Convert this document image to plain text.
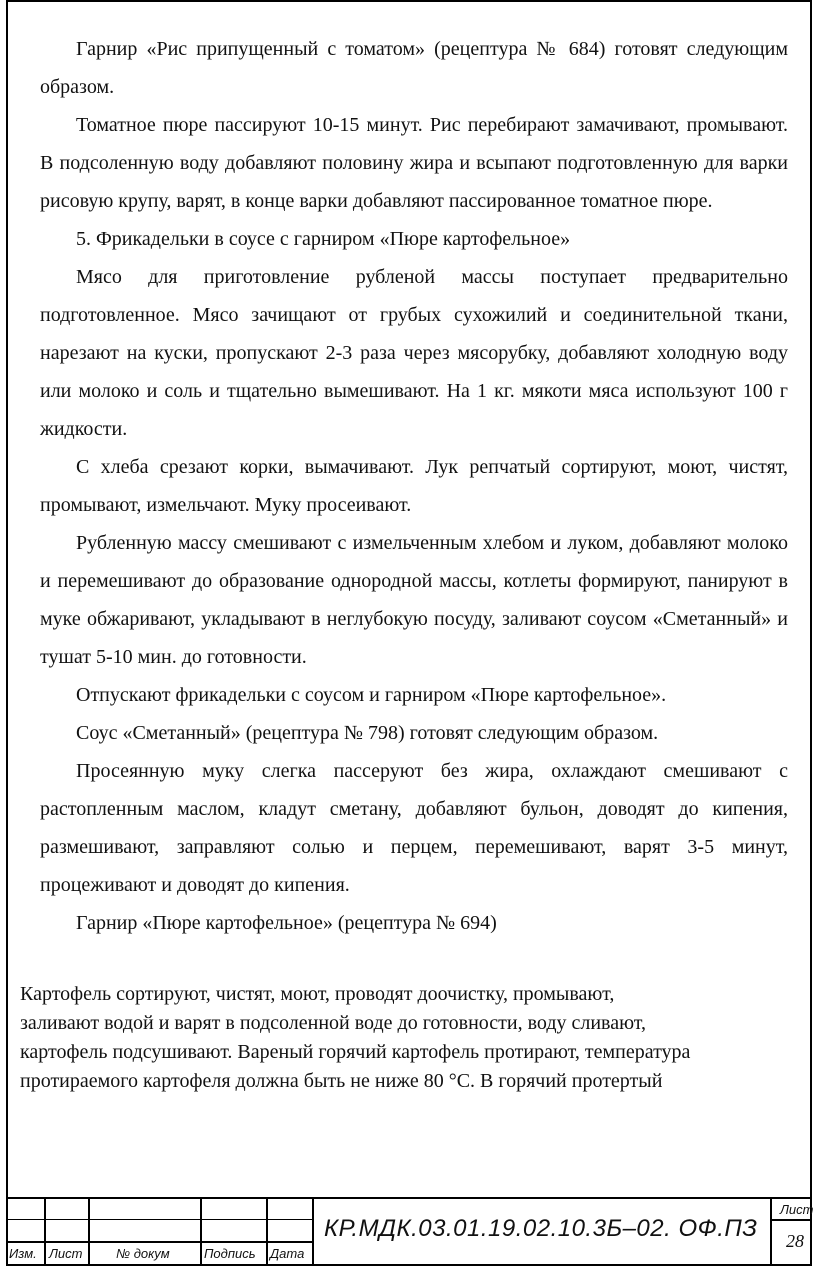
Гарнир «Рис припущенный с томатом» (рецептура № 684) готовят следующим образом.

Томатное пюре пассируют 10-15 минут. Рис перебирают замачивают, промывают. В подсоленную воду добавляют половину жира и всыпают подготовленную для варки рисовую крупу, варят, в конце варки добавляют пассированное томатное пюре.

5. Фрикадельки в соусе с гарниром «Пюре картофельное»

Мясо для приготовление рубленой массы поступает предварительно подготовленное. Мясо зачищают от грубых сухожилий и соединительной ткани, нарезают на куски, пропускают 2-3 раза через мясорубку, добавляют холодную воду или молоко и соль и тщательно вымешивают. На 1 кг. мякоти мяса используют 100 г жидкости.

С хлеба срезают корки, вымачивают. Лук репчатый сортируют, моют, чистят, промывают, измельчают. Муку просеивают.

Рубленную массу смешивают с измельченным хлебом и луком, добавляют молоко и перемешивают до образование однородной массы, котлеты формируют, панируют в муке обжаривают, укладывают в неглубокую посуду, заливают соусом «Сметанный» и тушат 5-10 мин. до готовности.

Отпускают фрикадельки с соусом и гарниром «Пюре картофельное».

Соус «Сметанный» (рецептура № 798) готовят следующим образом.

Просеянную муку слегка пассеруют без жира, охлаждают смешивают с растопленным маслом, кладут сметану, добавляют бульон, доводят до кипения, размешивают, заправляют солью и перцем, перемешивают, варят 3-5 минут, процеживают и доводят до кипения.

Гарнир «Пюре картофельное» (рецептура № 694)

Картофель сортируют, чистят, моют, проводят доочистку, промывают,

заливают водой и варят в подсоленной воде до готовности, воду сливают,

картофель подсушивают. Вареный горячий картофель протирают, температура

протираемого картофеля должна быть не ниже 80 °С. В горячий протертый

Изм. Лист	№ докум	Подпись Дата
КР.МДК.03.01.19.02.10.3Б–02. ОФ.ПЗ
Лист
28
